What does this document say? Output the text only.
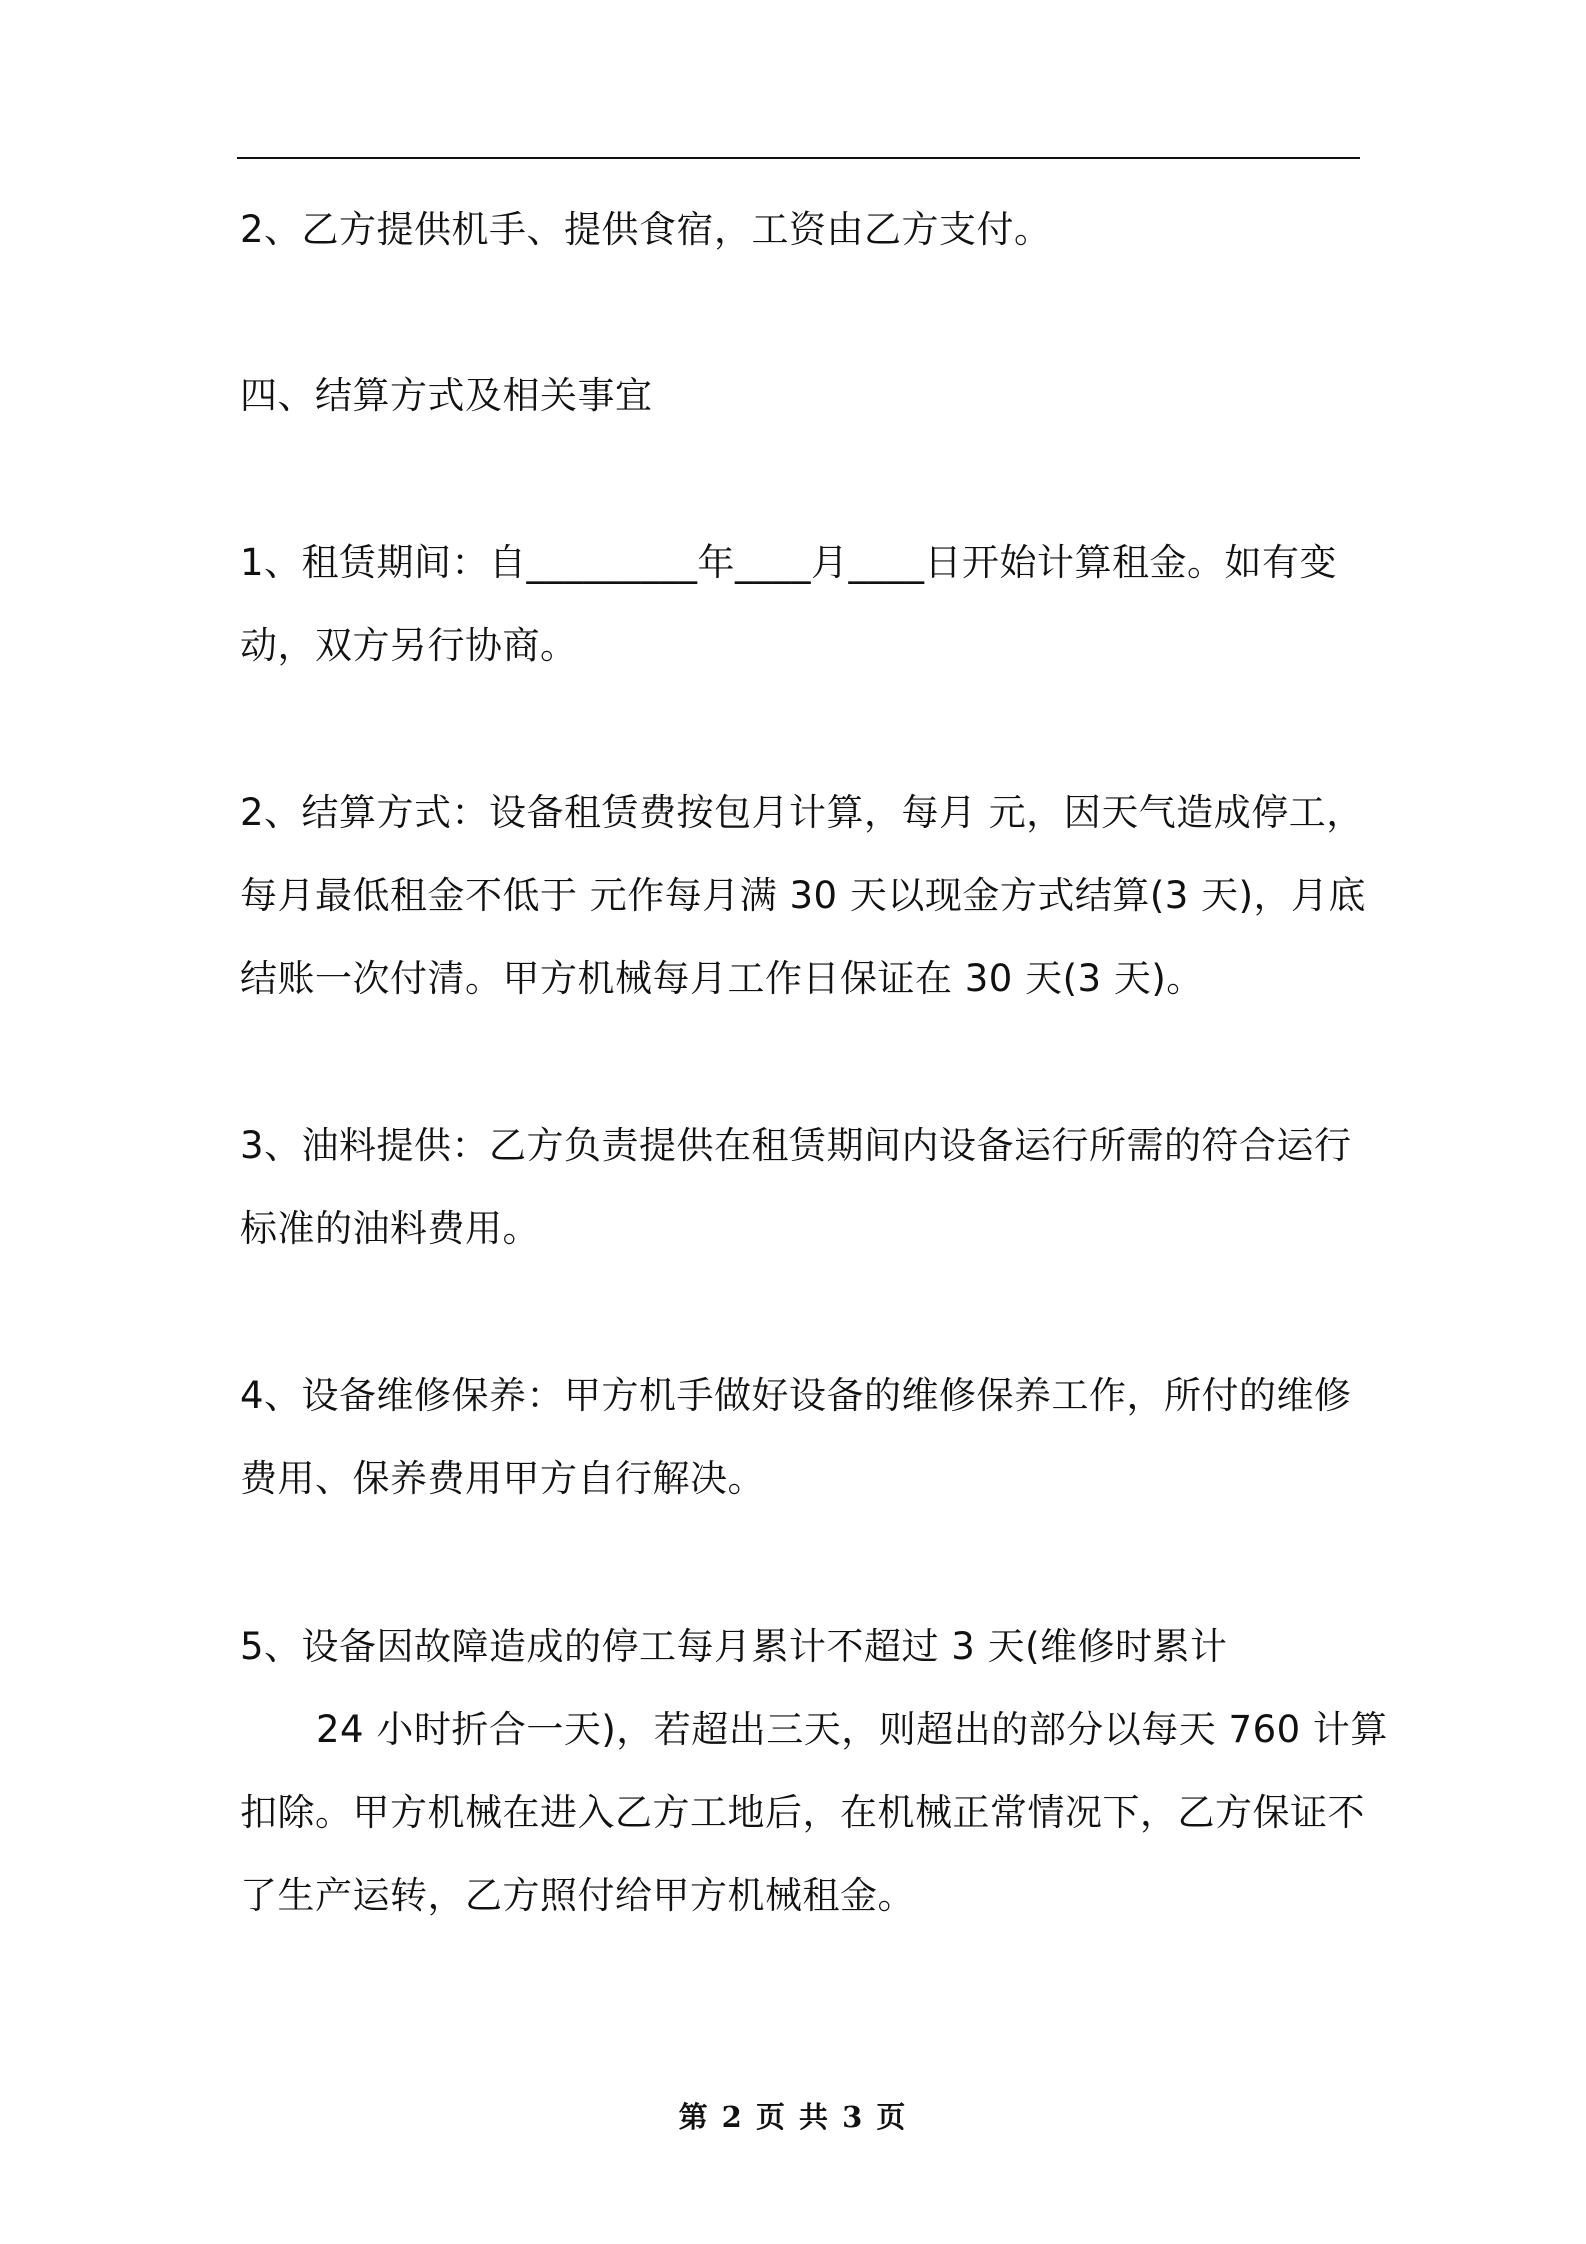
2、乙方提供机手、提供食宿，工资由乙方支付。
四、结算方式及相关事宜
1、租赁期间：自_________年____月____日开始计算租金。如有变
动，双方另行协商。
2、结算方式：设备租赁费按包月计算，每月 元，因天气造成停工，
每月最低租金不低于 元作每月满 30 天以现金方式结算(3 天)，月底
结账一次付清。甲方机械每月工作日保证在 30 天(3 天)。
3、油料提供：乙方负责提供在租赁期间内设备运行所需的符合运行
标准的油料费用。
4、设备维修保养：甲方机手做好设备的维修保养工作，所付的维修
费用、保养费用甲方自行解决。
5、设备因故障造成的停工每月累计不超过 3 天(维修时累计
24 小时折合一天)，若超出三天，则超出的部分以每天 760 计算
扣除。甲方机械在进入乙方工地后，在机械正常情况下，乙方保证不
了生产运转，乙方照付给甲方机械租金。
第 2 页 共 3 页
